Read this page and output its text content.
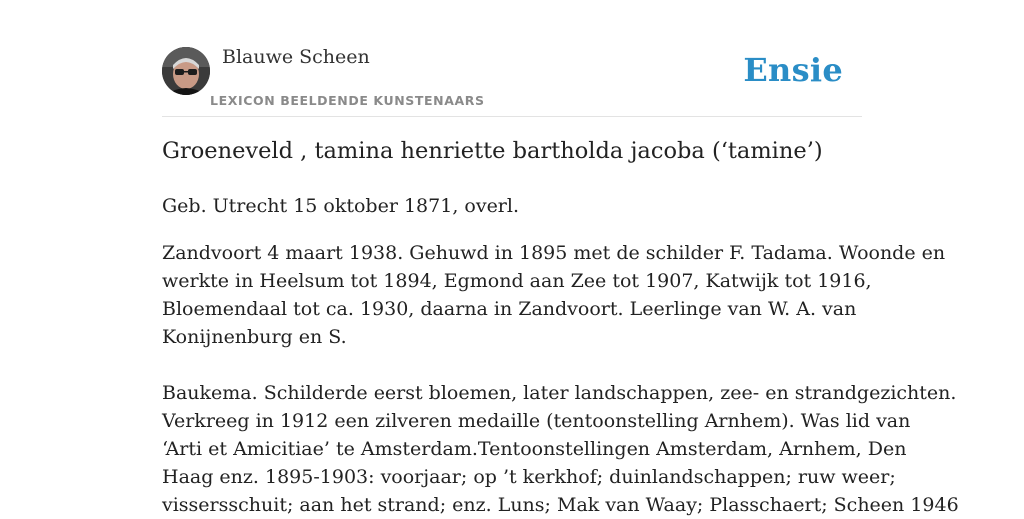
Blauwe Scheen
LEXICON BEELDENDE KUNSTENAARS
Ensie
Groeneveld , tamina henriette bartholda jacoba (‘tamine’)

Geb. Utrecht 15 oktober 1871, overl.

Zandvoort 4 maart 1938. Gehuwd in 1895 met de schilder F. Tadama. Woonde en
werkte in Heelsum tot 1894, Egmond aan Zee tot 1907, Katwijk tot 1916,
Bloemendaal tot ca. 1930, daarna in Zandvoort. Leerlinge van W. A. van
Konijnenburg en S.
Baukema. Schilderde eerst bloemen, later landschappen, zee- en strandgezichten.
Verkreeg in 1912 een zilveren medaille (tentoonstelling Arnhem). Was lid van
‘Arti et Amicitiae’ te Amsterdam.Tentoonstellingen Amsterdam, Arnhem, Den
Haag enz. 1895-1903: voorjaar; op ’t kerkhof; duinlandschappen; ruw weer;
vissersschuit; aan het strand; enz. Luns; Mak van Waay; Plasschaert; Scheen 1946
